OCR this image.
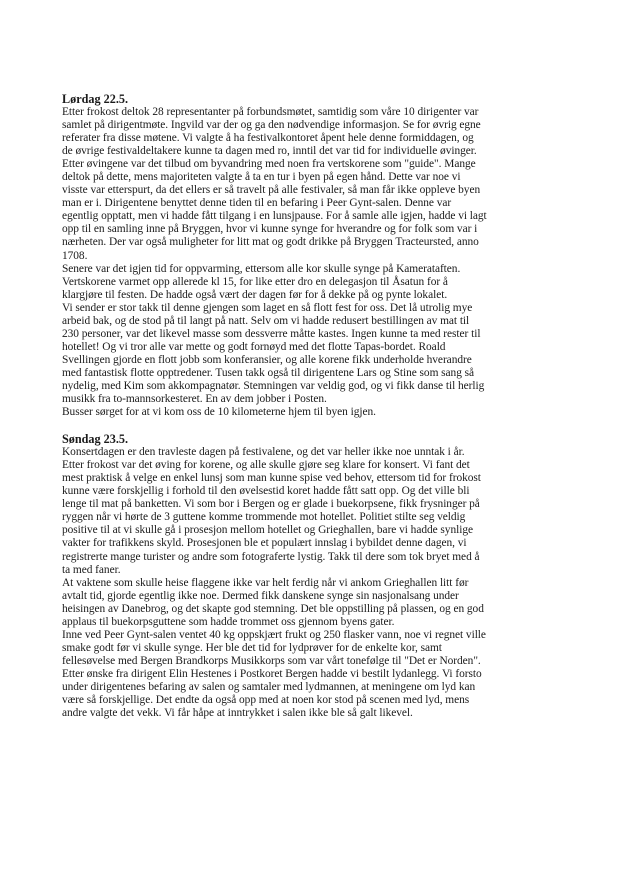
Lørdag 22.5.

Etter frokost deltok 28 representanter på forbundsmøtet, samtidig som våre 10 dirigenter var

samlet på dirigentmøte. Ingvild var der og ga den nødvendige informasjon. Se for øvrig egne

referater fra disse møtene. Vi valgte å ha festivalkontoret åpent hele denne formiddagen, og

de øvrige festivaldeltakere kunne ta dagen med ro, inntil det var tid for individuelle øvinger.

Etter øvingene var det tilbud om byvandring med noen fra vertskorene som "guide". Mange

deltok på dette, mens majoriteten valgte å ta en tur i byen på egen hånd. Dette var noe vi

visste var etterspurt, da det ellers er så travelt på alle festivaler, så man får ikke oppleve byen

man er i. Dirigentene benyttet denne tiden til en befaring i Peer Gynt-salen. Denne var

egentlig opptatt, men vi hadde fått tilgang i en lunsjpause. For å samle alle igjen, hadde vi lagt

opp til en samling inne på Bryggen, hvor vi kunne synge for hverandre og for folk som var i

nærheten. Der var også muligheter for litt mat og godt drikke på Bryggen Tracteursted, anno

1708.

Senere var det igjen tid for oppvarming, ettersom alle kor skulle synge på Kamerataften.

Vertskorene varmet opp allerede kl 15, for like etter dro en delegasjon til Åsatun for å

klargjøre til festen. De hadde også vært der dagen før for å dekke på og pynte lokalet.

Vi sender er stor takk til denne gjengen som laget en så flott fest for oss. Det lå utrolig mye

arbeid bak, og de stod på til langt på natt. Selv om vi hadde redusert bestillingen av mat til

230 personer, var det likevel masse som dessverre måtte kastes. Ingen kunne ta med rester til

hotellet! Og vi tror alle var mette og godt fornøyd med det flotte Tapas-bordet. Roald

Svellingen gjorde en flott jobb som konferansier, og alle korene fikk underholde hverandre

med fantastisk flotte opptredener. Tusen takk også til dirigentene Lars og Stine som sang så

nydelig, med Kim som akkompagnatør. Stemningen var veldig god, og vi fikk danse til herlig

musikk fra to-mannsorkesteret. En av dem jobber i Posten.

Busser sørget for at vi kom oss de 10 kilometerne hjem til byen igjen.

Søndag 23.5.

Konsertdagen er den travleste dagen på festivalene, og det var heller ikke noe unntak i år.

Etter frokost var det øving for korene, og alle skulle gjøre seg klare for konsert. Vi fant det

mest praktisk å velge en enkel lunsj som man kunne spise ved behov, ettersom tid for frokost

kunne være forskjellig i forhold til den øvelsestid koret hadde fått satt opp. Og det ville bli

lenge til mat på banketten. Vi som bor i Bergen og er glade i buekorpsene, fikk frysninger på

ryggen når vi hørte de 3 guttene komme trommende mot hotellet. Politiet stilte seg veldig

positive til at vi skulle gå i prosesjon mellom hotellet og Grieghallen, bare vi hadde synlige

vakter for trafikkens skyld. Prosesjonen ble et populært innslag i bybildet denne dagen, vi

registrerte mange turister og andre som fotograferte lystig. Takk til dere som tok bryet med å

ta med faner.

At vaktene som skulle heise flaggene ikke var helt ferdig når vi ankom Grieghallen litt før

avtalt tid, gjorde egentlig ikke noe. Dermed fikk danskene synge sin nasjonalsang under

heisingen av Danebrog, og det skapte god stemning. Det ble oppstilling på plassen, og en god

applaus til buekorpsguttene som hadde trommet oss gjennom byens gater.

Inne ved Peer Gynt-salen ventet 40 kg oppskjært frukt og 250 flasker vann, noe vi regnet ville

smake godt før vi skulle synge. Her ble det tid for lydprøver for de enkelte kor, samt

fellesøvelse med Bergen Brandkorps Musikkorps som var vårt tonefølge til "Det er Norden".

Etter ønske fra dirigent Elin Hestenes i Postkoret Bergen hadde vi bestilt lydanlegg. Vi forsto

under dirigentenes befaring av salen og samtaler med lydmannen, at meningene om lyd kan

være så forskjellige. Det endte da også opp med at noen kor stod på scenen med lyd, mens

andre valgte det vekk. Vi får håpe at inntrykket i salen ikke ble så galt likevel.
